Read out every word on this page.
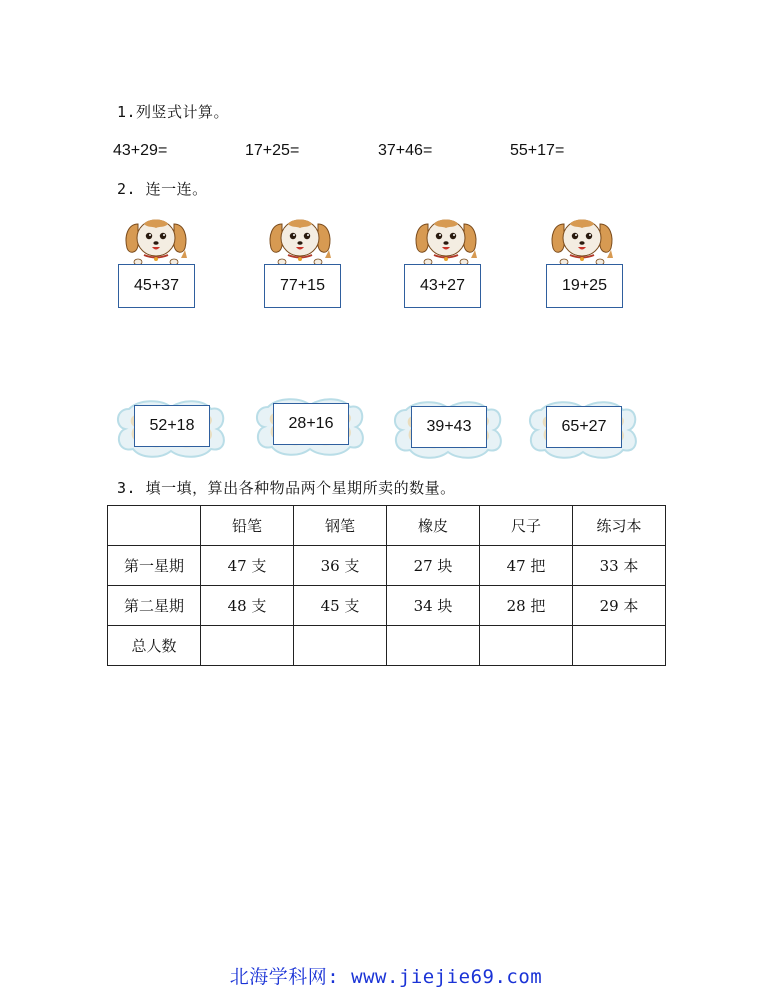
1.列竖式计算。
43+29=	17+25=	37+46=	55+17=
2. 连一连。
45+37	77+15	43+27	19+25
52+18	28+16	39+43	65+27
3. 填一填，算出各种物品两个星期所卖的数量。
	铅笔	钢笔	橡皮	尺子	练习本
第一星期	47 支	36 支	27 块	47 把	33 本
第二星期	48 支	45 支	34 块	28 把	29 本
总人数					
北海学科网: www.jiejie69.com
